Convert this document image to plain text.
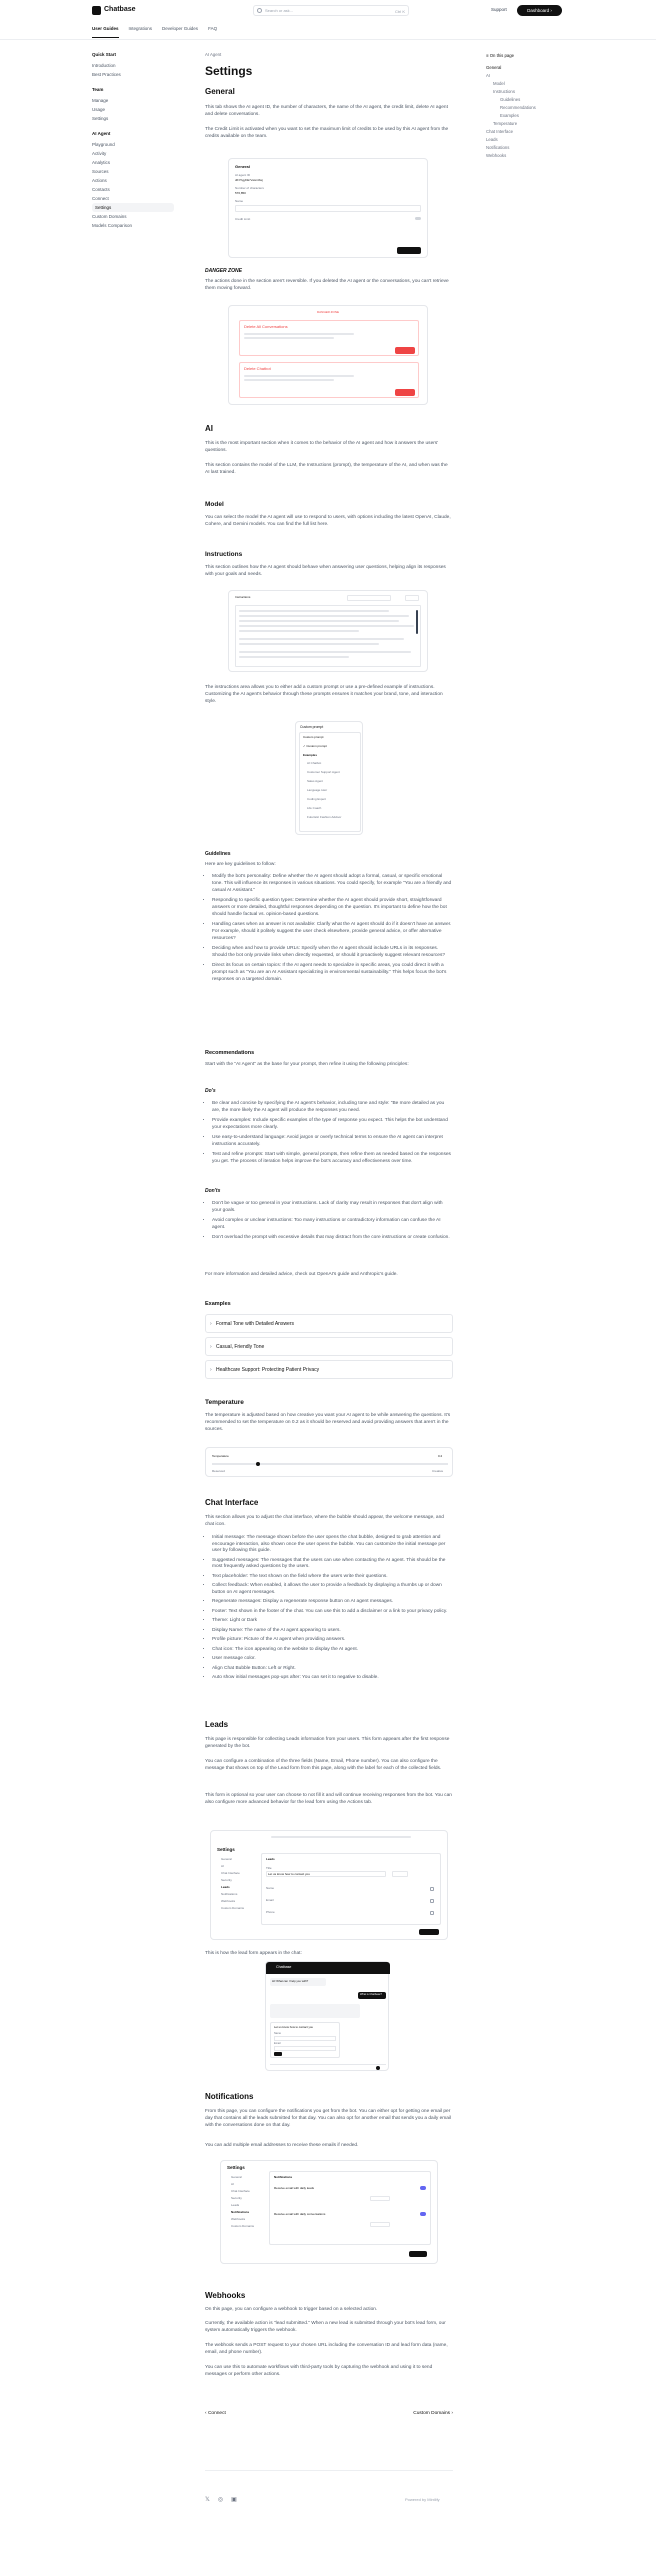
Chatbase	Search or ask...	Ctrl K	Support	Dashboard ›
User Guides Integrations Developer Guides FAQ
Quick Start
Introduction
Best Practices
Team
Manage
Usage
Settings
AI Agent
Playground
Activity
Analytics
Sources
Actions
Contacts
Connect
Settings
Custom Domains
Models Comparison
≡ On this page
General
AI
Model
Instructions
Guidelines
Recommendations
Examples
Temperature
Chat Interface
Leads
Notifications
Webhooks
AI Agent
Settings
General
This tab shows the AI agent ID, the number of characters, the name of the AI agent, the credit limit, delete AI agent and delete conversations.
The Credit Limit is activated when you want to set the maximum limit of credits to be used by this AI agent from the credits available on the team.
General
AI agent ID
dKYhgyhE7vwsmSsj
Number of characters
576,850
Name
Credit Limit
DANGER ZONE
The actions done in the section aren't reversible. If you deleted the AI agent or the conversations, you can't retrieve them moving forward.
DANGER ZONE
Delete All Conversations
Delete Chatbot
AI
This is the most important section when it comes to the behavior of the AI agent and how it answers the users' questions.
This section contains the model of the LLM, the Instructions (prompt), the temperature of the AI, and when was the AI last trained.
Model
You can select the model the AI agent will use to respond to users, with options including the latest OpenAI, Claude, Cohere, and Gemini models. You can find the full list here.
Instructions
This section outlines how the AI agent should behave when answering user questions, helping align its responses with your goals and needs.
Instructions
The instructions area allows you to either add a custom prompt or use a pre-defined example of instructions. Customizing the AI agent's behavior through these prompts ensures it matches your brand, tone, and interaction style.
Custom prompt
Custom prompt
✓ Custom prompt
Examples
AI Chatbot
Customer Support Agent
Sales Agent
Language tutor
Coding Expert
Life Coach
Futuristic Fashion Advisor
Guidelines
Here are key guidelines to follow:
• Modify the bot's personality: Define whether the AI agent should adopt a formal, casual, or specific emotional tone. This will influence its responses in various situations. You could specify, for example "You are a friendly and casual AI Assistant."
• Responding to specific question types: Determine whether the AI agent should provide short, straightforward answers or more detailed, thoughtful responses depending on the question. It's important to define how the bot should handle factual vs. opinion-based questions.
• Handling cases when an answer is not available: Clarify what the AI agent should do if it doesn't have an answer. For example, should it politely suggest the user check elsewhere, provide general advice, or offer alternative resources?
• Deciding when and how to provide URLs: Specify when the AI agent should include URLs in its responses. Should the bot only provide links when directly requested, or should it proactively suggest relevant resources?
• Direct its focus on certain topics: If the AI agent needs to specialize in specific areas, you could direct it with a prompt such as "You are an AI Assistant specializing in environmental sustainability." This helps focus the bot's responses on a targeted domain.
Recommendations
Start with the "AI Agent" as the base for your prompt, then refine it using the following principles:
Do's
• Be clear and concise by specifying the AI agent's behavior, including tone and style: "Be more detailed as you are, the more likely the AI agent will produce the responses you need.
• Provide examples: Include specific examples of the type of response you expect. This helps the bot understand your expectations more clearly.
• Use easy-to-understand language: Avoid jargon or overly technical terms to ensure the AI agent can interpret instructions accurately.
• Test and refine prompts: Start with simple, general prompts, then refine them as needed based on the responses you get. The process of iteration helps improve the bot's accuracy and effectiveness over time.
Don'ts
• Don't be vague or too general in your instructions. Lack of clarity may result in responses that don't align with your goals.
• Avoid complex or unclear instructions: Too many instructions or contradictory information can confuse the AI agent.
• Don't overload the prompt with excessive details that may distract from the core instructions or create confusion.
For more information and detailed advice, check out OpenAI's guide and Anthropic's guide.
Examples
› Formal Tone with Detailed Answers
› Casual, Friendly Tone
› Healthcare Support: Protecting Patient Privacy
Temperature
The temperature is adjusted based on how creative you want your AI agent to be while answering the questions. It's recommended to set the temperature on 0.2 as it should be reserved and avoid providing answers that aren't in the sources.
Temperature	0.2
Reserved	Creative
Chat Interface
This section allows you to adjust the chat interface, where the bubble should appear, the welcome message, and chat icon.
• Initial message: The message shown before the user opens the chat bubble, designed to grab attention and encourage interaction, also shown once the user opens the bubble. You can customize the initial message per user by following this guide.
• Suggested messages: The messages that the users can use when contacting the AI agent. This should be the most frequently asked questions by the users.
• Text placeholder: The text shown on the field where the users write their questions.
• Collect feedback: When enabled, it allows the user to provide a feedback by displaying a thumbs up or down button on AI agent messages.
• Regenerate messages: Display a regenerate response button on AI agent messages.
• Footer: Text shown in the footer of the chat. You can use this to add a disclaimer or a link to your privacy policy.
• Theme: Light or Dark
• Display Name: The name of the AI agent appearing to users.
• Profile picture: Picture of the AI agent when providing answers.
• Chat icon: The icon appearing on the website to display the AI agent.
• User message color.
• Align Chat Bubble Button: Left or Right.
• Auto show initial messages pop-ups after: You can set it to negative to disable.
Leads
This page is responsible for collecting Leads information from your users. This form appears after the first response generated by the bot.
You can configure a combination of the three fields (Name, Email, Phone number). You can also configure the message that shows on top of the Lead form from this page, along with the label for each of the collected fields.
This form is optional so your user can choose to not fill it and will continue receiving responses from the bot. You can also configure more advanced behavior for the lead form using the Actions tab.
Settings
General
AI
Chat Interface
Security
Leads
Notifications
Webhooks
Custom Domains
Leads
Title
Let us know how to contact you
Name
Email
Phone
This is how the lead form appears in the chat:
Chatbase
Hi! What can I help you with?
What is Chatbase?
Let us know how to contact you
Name
Email
Notifications
From this page, you can configure the notifications you get from the bot. You can either opt for getting one email per day that contains all the leads submitted for that day. You can also opt for another email that sends you a daily email with the conversations done on that day.
You can add multiple email addresses to receive these emails if needed.
Settings
General
AI
Chat Interface
Security
Leads
Notifications
Webhooks
Custom Domains
Notifications
Receive email with daily leads
Receive email with daily conversations
Webhooks
On this page, you can configure a webhook to trigger based on a selected action.
Currently, the available action is "lead submitted." When a new lead is submitted through your bot's lead form, our system automatically triggers the webhook.
The webhook sends a POST request to your chosen URL including the conversation ID and lead form data (name, email, and phone number).
You can use this to automate workflows with third-party tools by capturing the webhook and using it to send messages or perform other actions.
‹ Connect	Custom Domains ›
𝕏 ◎ ▣	Powered by Mintlify
